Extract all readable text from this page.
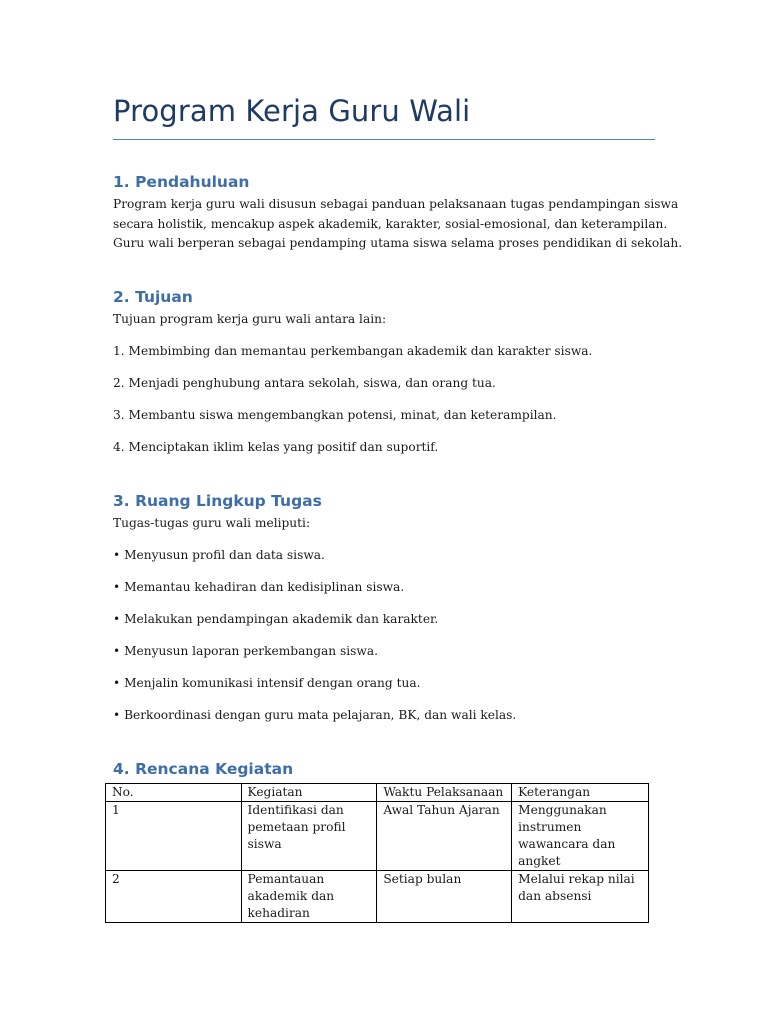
Program Kerja Guru Wali
1. Pendahuluan

Program kerja guru wali disusun sebagai panduan pelaksanaan tugas pendampingan siswa

secara holistik, mencakup aspek akademik, karakter, sosial-emosional, dan keterampilan.

Guru wali berperan sebagai pendamping utama siswa selama proses pendidikan di sekolah.

2. Tujuan

Tujuan program kerja guru wali antara lain:

1. Membimbing dan memantau perkembangan akademik dan karakter siswa.

2. Menjadi penghubung antara sekolah, siswa, dan orang tua.

3. Membantu siswa mengembangkan potensi, minat, dan keterampilan.

4. Menciptakan iklim kelas yang positif dan suportif.

3. Ruang Lingkup Tugas

Tugas-tugas guru wali meliputi:

• Menyusun profil dan data siswa.

• Memantau kehadiran dan kedisiplinan siswa.

• Melakukan pendampingan akademik dan karakter.

• Menyusun laporan perkembangan siswa.

• Menjalin komunikasi intensif dengan orang tua.

• Berkoordinasi dengan guru mata pelajaran, BK, dan wali kelas.

4. Rencana Kegiatan
No.	Kegiatan	Waktu Pelaksanaan	Keterangan
1	Identifikasi dan pemetaan profil siswa	Awal Tahun Ajaran	Menggunakan instrumen wawancara dan angket
2	Pemantauan akademik dan kehadiran	Setiap bulan	Melalui rekap nilai dan absensi
